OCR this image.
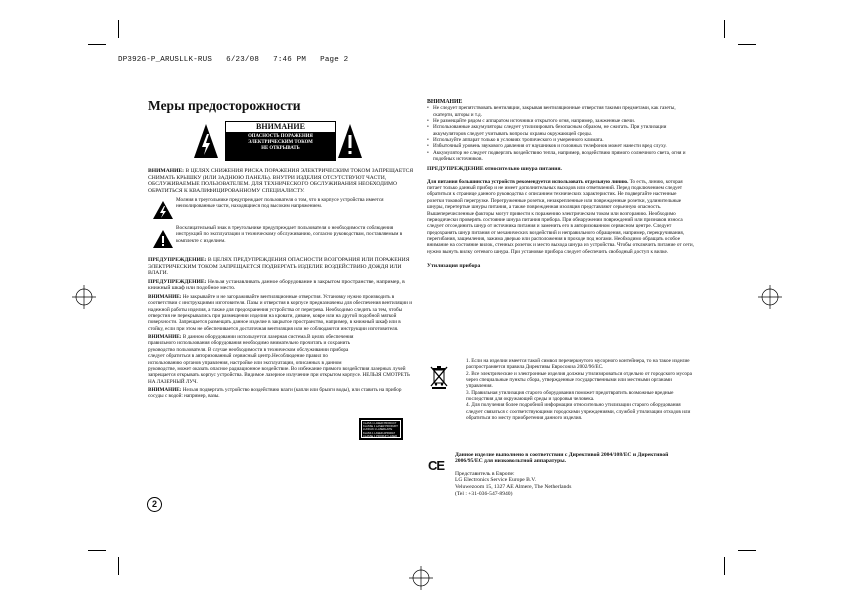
DP392G-P_ARUSLLK-RUS   6/23/08   7:46 PM   Page 2
Меры предосторожности
ВНИМАНИЕ
ОПАСНОСТЬ ПОРАЖЕНИЯ
ЭЛЕКТРИЧЕСКИМ ТОКОМ
НЕ ОТКРЫВАТЬ

ВНИМАНИЕ: В ЦЕЛЯХ СНИЖЕНИЯ РИСКА ПОРАЖЕНИЯ ЭЛЕКТРИЧЕСКИМ ТОКОМ ЗАПРЕЩАЕТСЯ СНИМАТЬ КРЫШКУ (ИЛИ ЗАДНЮЮ ПАНЕЛЬ). ВНУТРИ ИЗДЕЛИЯ ОТСУТСТВУЮТ ЧАСТИ, ОБСЛУЖИВАЕМЫЕ ПОЛЬЗОВАТЕЛЕМ. ДЛЯ ТЕХНИЧЕСКОГО ОБСЛУЖИВАНИЯ НЕОБХОДИМО ОБРАТИТЬСЯ К КВАЛИФИЦИРОВАННОМУ СПЕЦИАЛИСТУ.

Молния в треугольнике предупреждает пользователя о том, что в корпусе устройства имеется неизолированные части, находящиеся под высоким напряжением.
Восклицательный знак в треугольнике предупреждает пользователя о необходимости соблюдения инструкций по эксплуатации и техническому обслуживанию, согласно руководствам, поставляемым в комплекте с изделием.

ПРЕДУПРЕЖДЕНИЕ: В ЦЕЛЯХ ПРЕДУПРЕЖДЕНИЯ ОПАСНОСТИ ВОЗГОРАНИЯ ИЛИ ПОРАЖЕНИЯ ЭЛЕКТРИЧЕСКИМ ТОКОМ ЗАПРЕЩАЕТСЯ ПОДВЕРГАТЬ ИЗДЕЛИЕ ВОЗДЕЙСТВИЮ ДОЖДЯ ИЛИ ВЛАГИ.

ПРЕДУПРЕЖДЕНИЕ: Нельзя устанавливать данное оборудование в закрытом пространстве, например, в книжный шкаф или подобное место.

ВНИМАНИЕ: Не закрывайте и не загораживайте вентиляционные отверстия. Установку нужно производить в соответствии с инструкциями изготовителя. Пазы и отверстия в корпусе предназначены для обеспечения вентиляции и надежной работы изделия, а также для предохранения устройства от перегрева. Необходимо следить за тем, чтобы отверстия не перекрывались при размещении изделия на кровати, диване, ковре или на другой подобной мягкой поверхности. Запрещается размещать данное изделие в закрытое пространство, например, в книжный шкаф или в стойку, если при этом не обеспечивается достаточная вентиляция или не соблюдаются инструкции изготовителя.

ВНИМАНИЕ: В данном оборудовании используется лазерная система.В целях обеспечения правильного использования оборудования необходимо внимательно прочитать и сохранить руководство пользователя. В случае необходимости в техническом обслуживании прибора следует обратиться в авторизованный сервисный центр.Несоблюдение правил по использованию органов управления, настройке или эксплуатации, описанных в данном руководстве, может оказать опасное радиационное воздействие. Во избежание прямого воздействия лазерных лучей запрещается открывать корпус устройства. Видимое лазерное излучение при открытом корпусе. НЕЛЬЗЯ СМОТРЕТЬ НА ЛАЗЕРНЫЙ ЛУЧ.

ВНИМАНИЕ: Нельзя подвергать устройство воздействию влаги (капли или брызги воды), или ставить на прибор сосуды с водой: например, вазы.

CLASS 1 LASER PRODUCT KLASSE 1 LASER PRODUKT LUOKAN 1 LASERLAITE KLASS 1 LASER APPARAT CLASSE 1 PRODUIT LASER
2
ВНИМАНИЕ
• Не следует препятствовать вентиляции, закрывая вентиляционные отверстия такими предметами, как газеты, скатерти, шторы и т.д.
• Не размещайте рядом с аппаратом источники открытого огня, например, зажженные свечи.
• Использованные аккумуляторы следует утилизировать безопасным образом, не сжигать. При утилизации аккумуляторов следует учитывать вопросы охраны окружающей среды.
• Используйте аппарат только в условиях тропического и умеренного климата.
• Избыточный уровень звукового давления от наушников и головных телефонов может нанести вред слуху.
• Аккумулятор не следует подвергать воздействию тепла, например, воздействию прямого солнечного света, огня и подобных источников.
ПРЕДУПРЕЖДЕНИЕ относительно шнура питания.

Для питания большинства устройств рекомендуется использовать отдельную линию. То есть, линию, которая питает только данный прибор и не имеет дополнительных выходов или ответвлений. Перед подключением следует обратиться к странице данного руководства с описанием технических характеристик. Не подвергайте настенные розетки токовой перегрузке. Перегруженные розетки, незакрепленные или поврежденные розетки, удлинительные шнуры, перетертые шнуры питания, а также поврежденная изоляция представляют серьезную опасность. Вышеперечисленные факторы могут привести к поражению электрическим током или возгоранию. Необходимо периодически проверять состояние шнура питания прибора. При обнаружении повреждений или признаков износа следует отсоединить шнур от источника питания и заменить его в авторизованном сервисном центре. Следует предохранять шнур питания от механических воздействий и неправильного обращения, например, перекручивания, перегибания, защемления, зажима дверью или расположения в проходе под ногами. Необходимо обращать особое внимание на состояние вилок, стенных розеток и место выхода шнура из устройства. Чтобы отключить питание от сети, нужно вынуть вилку сетевого шнура. При установке прибора следует обеспечить свободный доступ к вилке.

Утилизация прибора
1. Если на изделии имеется такой символ перечеркнутого мусорного контейнера, то на такое изделие распространяется правила Директивы Евросоюза 2002/96/EC.
2. Все электрические и электронные изделия должны утилизироваться отдельно от городского мусора через специальные пункты сбора, утвержденные государственными или местными органами управления.
3. Правильная утилизация старого оборудования поможет предотвратить возможные вредные последствия для окружающей среды и здоровья человека.
4. Для получения более подробной информации относительно утилизации старого оборудования следует связаться с соответствующими городскими учреждениями, службой утилизации отходов или обратиться по месту приобретения данного изделия.
CE

Данное изделие выполнено в соответствии с Директивой 2004/108/EC и Директивой 2006/95/EC для низковольтной аппаратуры.

Представитель в Европе:
LG Electronics Service Europe B.V.
Veluwezoom 15, 1327 AE Almere, The Netherlands
(Tel : +31-036-547-8940)
